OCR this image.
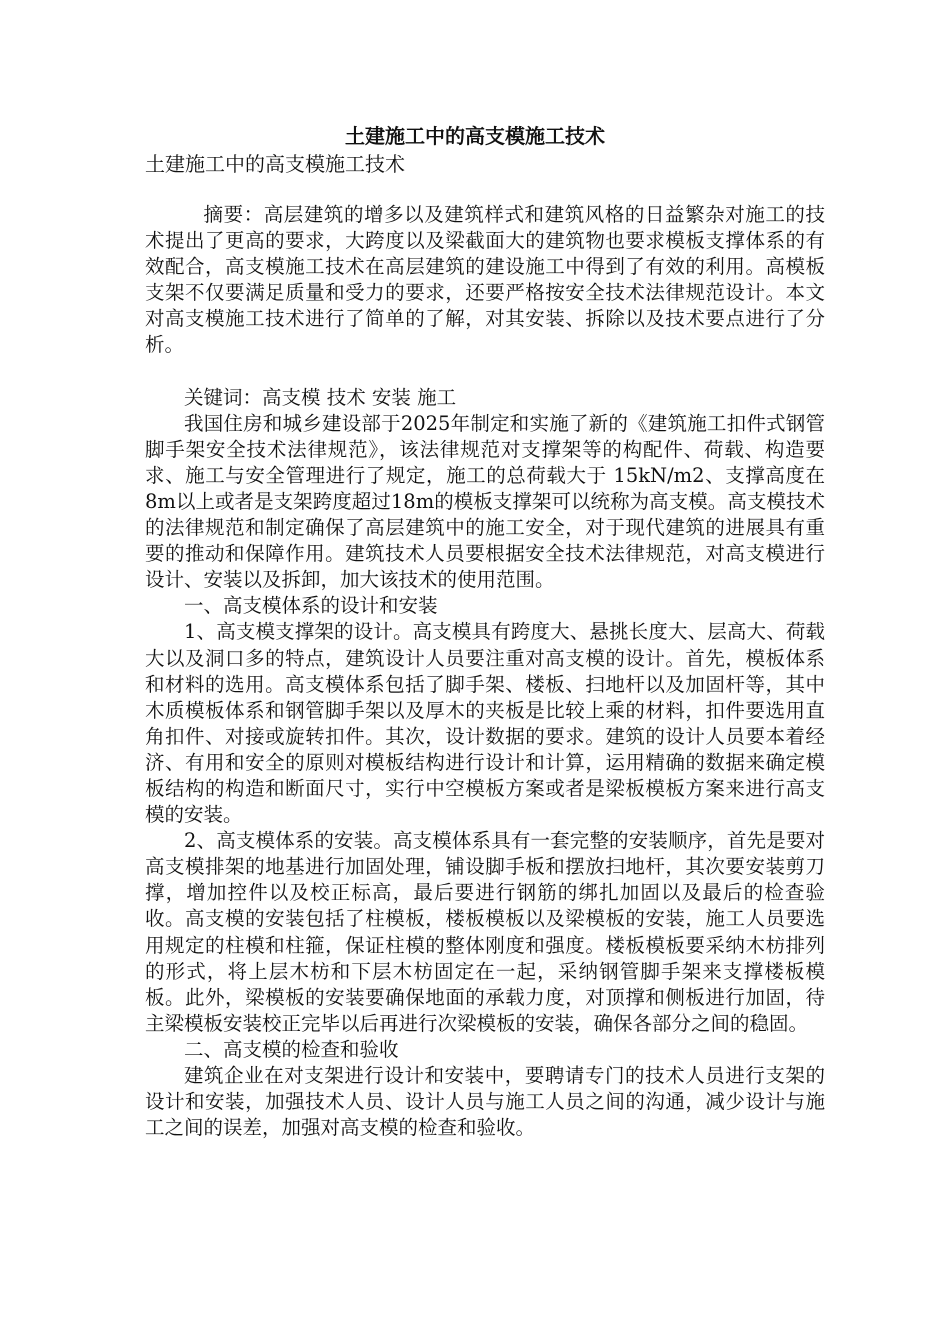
土建施工中的高支模施工技术
土建施工中的高支模施工技术

摘要：高层建筑的增多以及建筑样式和建筑风格的日益繁杂对施工的技术提出了更高的要求，大跨度以及梁截面大的建筑物也要求模板支撑体系的有效配合，高支模施工技术在高层建筑的建设施工中得到了有效的利用。高模板支架不仅要满足质量和受力的要求，还要严格按安全技术法律规范设计。本文对高支模施工技术进行了简单的了解，对其安装、拆除以及技术要点进行了分析。

关键词：高支模 技术 安装 施工

我国住房和城乡建设部于2025年制定和实施了新的《建筑施工扣件式钢管脚手架安全技术法律规范》，该法律规范对支撑架等的构配件、荷载、构造要求、施工与安全管理进行了规定，施工的总荷载大于 15kN/m2、支撑高度在8m以上或者是支架跨度超过18m的模板支撑架可以统称为高支模。高支模技术的法律规范和制定确保了高层建筑中的施工安全，对于现代建筑的进展具有重要的推动和保障作用。建筑技术人员要根据安全技术法律规范，对高支模进行设计、安装以及拆卸，加大该技术的使用范围。

一、高支模体系的设计和安装

1、高支模支撑架的设计。高支模具有跨度大、悬挑长度大、层高大、荷载大以及洞口多的特点，建筑设计人员要注重对高支模的设计。首先，模板体系和材料的选用。高支模体系包括了脚手架、楼板、扫地杆以及加固杆等，其中木质模板体系和钢管脚手架以及厚木的夹板是比较上乘的材料，扣件要选用直角扣件、对接或旋转扣件。其次，设计数据的要求。建筑的设计人员要本着经济、有用和安全的原则对模板结构进行设计和计算，运用精确的数据来确定模板结构的构造和断面尺寸，实行中空模板方案或者是梁板模板方案来进行高支模的安装。

2、高支模体系的安装。高支模体系具有一套完整的安装顺序，首先是要对高支模排架的地基进行加固处理，铺设脚手板和摆放扫地杆，其次要安装剪刀撑，增加控件以及校正标高，最后要进行钢筋的绑扎加固以及最后的检查验收。高支模的安装包括了柱模板，楼板模板以及梁模板的安装，施工人员要选用规定的柱模和柱箍，保证柱模的整体刚度和强度。楼板模板要采纳木枋排列的形式，将上层木枋和下层木枋固定在一起，采纳钢管脚手架来支撑楼板模板。此外，梁模板的安装要确保地面的承载力度，对顶撑和侧板进行加固，待主梁模板安装校正完毕以后再进行次梁模板的安装，确保各部分之间的稳固。

二、高支模的检查和验收

建筑企业在对支架进行设计和安装中，要聘请专门的技术人员进行支架的设计和安装，加强技术人员、设计人员与施工人员之间的沟通，减少设计与施工之间的误差，加强对高支模的检查和验收。
